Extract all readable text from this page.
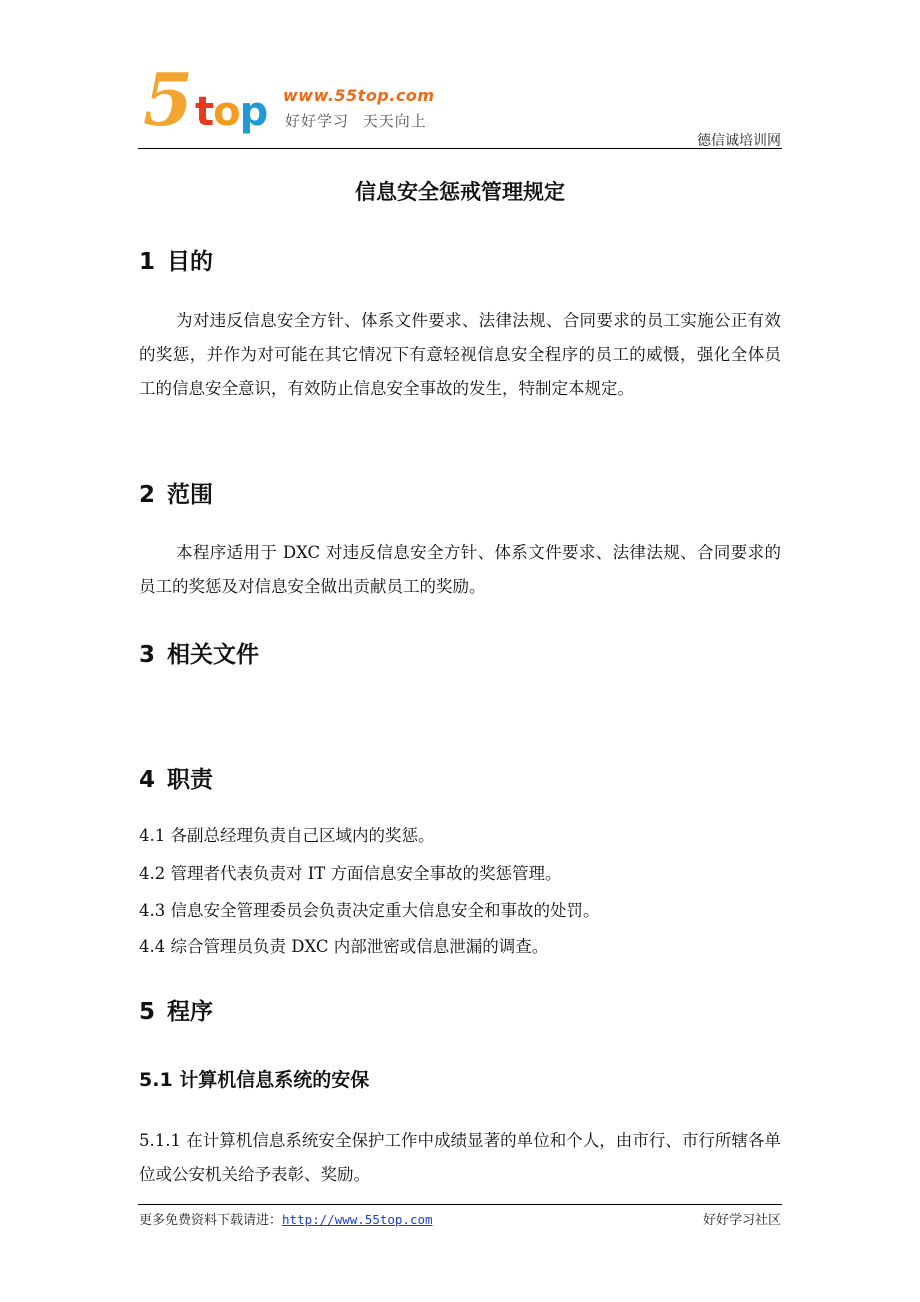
5 top www.55top.com
好好学习 天天向上
德信诚培训网
信息安全惩戒管理规定
1 目的
为对违反信息安全方针、体系文件要求、法律法规、合同要求的员工实施公正有效的奖惩，并作为对可能在其它情况下有意轻视信息安全程序的员工的威慑，强化全体员工的信息安全意识，有效防止信息安全事故的发生，特制定本规定。
2 范围
本程序适用于 DXC 对违反信息安全方针、体系文件要求、法律法规、合同要求的员工的奖惩及对信息安全做出贡献员工的奖励。
3 相关文件
4 职责
4.1 各副总经理负责自己区域内的奖惩。
4.2 管理者代表负责对 IT 方面信息安全事故的奖惩管理。
4.3 信息安全管理委员会负责决定重大信息安全和事故的处罚。
4.4 综合管理员负责 DXC 内部泄密或信息泄漏的调查。
5 程序
5.1 计算机信息系统的安保
5.1.1 在计算机信息系统安全保护工作中成绩显著的单位和个人，由市行、市行所辖各单位或公安机关给予表彰、奖励。
更多免费资料下载请进：http://www.55top.com	好好学习社区
